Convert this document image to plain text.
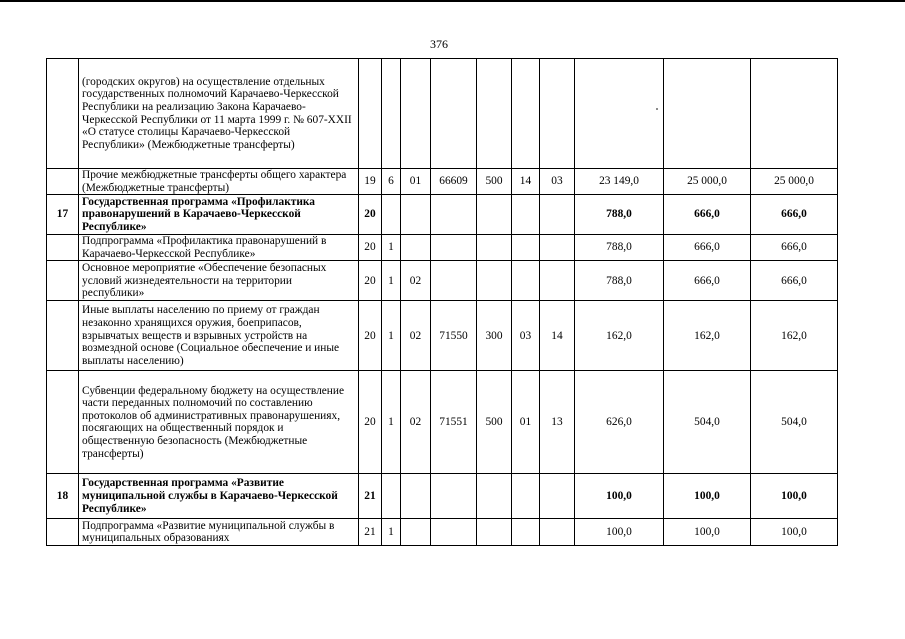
376
	(городских округов) на осуществление отдельных государственных полномочий Карачаево-Черкесской Республики на реализацию Закона Карачаево-Черкесской Республики от 11 марта 1999 г. № 607-XXII «О статусе столицы Карачаево-Черкесской Республики» (Межбюджетные трансферты)										
	Прочие межбюджетные трансферты общего характера (Межбюджетные трансферты)	19	6	01	66609	500	14	03	23 149,0	25 000,0	25 000,0
17	Государственная программа «Профилактика правонарушений в Карачаево-Черкесской Республике»	20							788,0	666,0	666,0
	Подпрограмма «Профилактика правонарушений в Карачаево-Черкесской Республике»	20	1						788,0	666,0	666,0
	Основное мероприятие «Обеспечение безопасных условий жизнедеятельности на территории республики»	20	1	02					788,0	666,0	666,0
	Иные выплаты населению по приему от граждан незаконно хранящихся оружия, боеприпасов, взрывчатых веществ и взрывных устройств на возмездной основе (Социальное обеспечение и иные выплаты населению)	20	1	02	71550	300	03	14	162,0	162,0	162,0
	Субвенции федеральному бюджету на осуществление части переданных полномочий по составлению протоколов об административных правонарушениях, посягающих на общественный порядок и общественную безопасность (Межбюджетные трансферты)	20	1	02	71551	500	01	13	626,0	504,0	504,0
18	Государственная программа «Развитие муниципальной службы в Карачаево-Черкесской Республике»	21							100,0	100,0	100,0
	Подпрограмма «Развитие муниципальной службы в муниципальных образованиях	21	1						100,0	100,0	100,0
